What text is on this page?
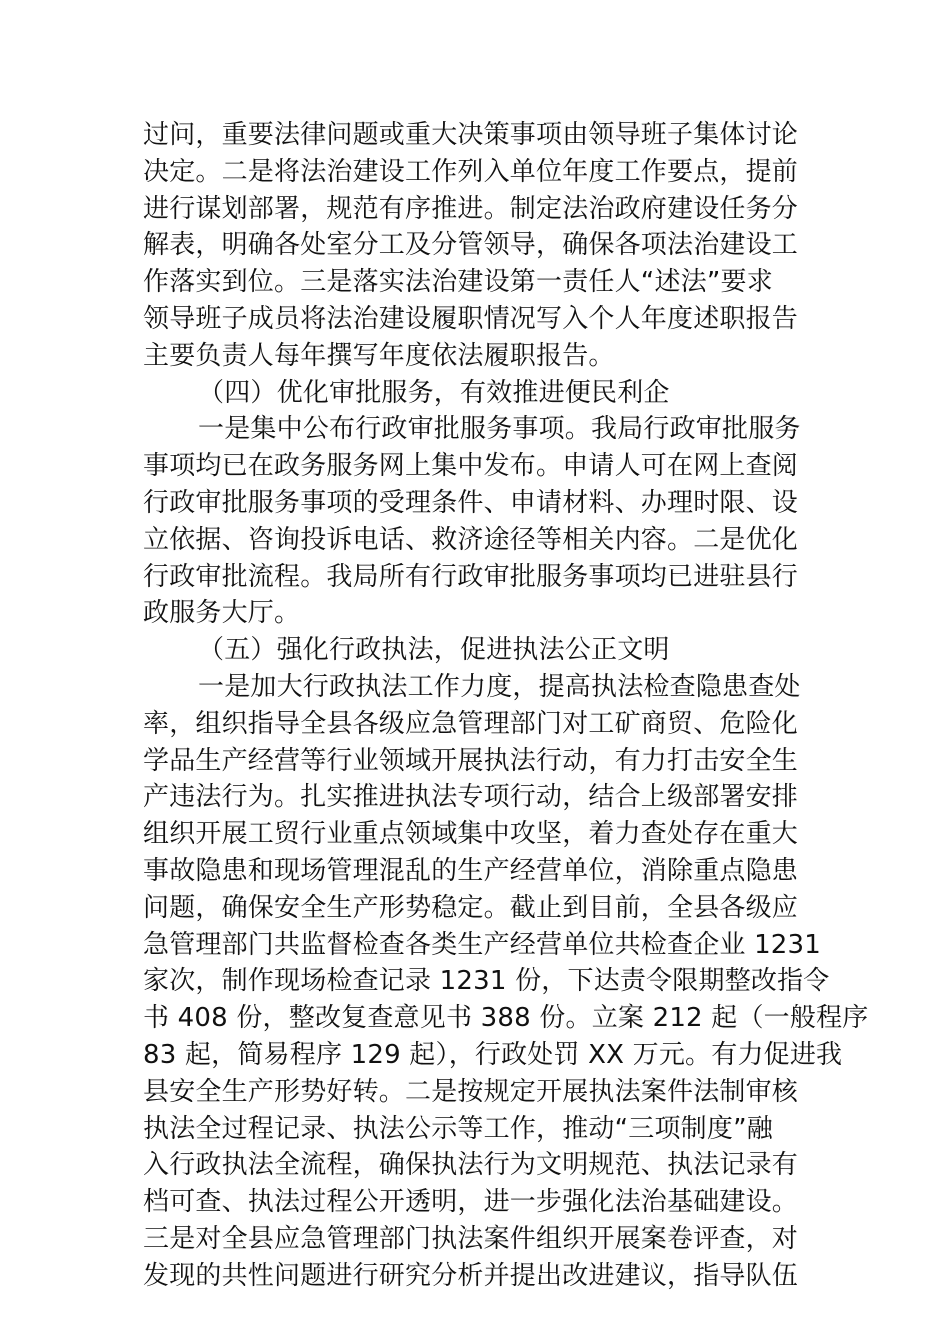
过问，重要法律问题或重大决策事项由领导班子集体讨论
决定。二是将法治建设工作列入单位年度工作要点，提前
进行谋划部署，规范有序推进。制定法治政府建设任务分
解表，明确各处室分工及分管领导，确保各项法治建设工
作落实到位。三是落实法治建设第一责任人“述法”要求
领导班子成员将法治建设履职情况写入个人年度述职报告
主要负责人每年撰写年度依法履职报告。
（四）优化审批服务，有效推进便民利企
一是集中公布行政审批服务事项。我局行政审批服务
事项均已在政务服务网上集中发布。申请人可在网上查阅
行政审批服务事项的受理条件、申请材料、办理时限、设
立依据、咨询投诉电话、救济途径等相关内容。二是优化
行政审批流程。我局所有行政审批服务事项均已进驻县行
政服务大厅。
（五）强化行政执法，促进执法公正文明
一是加大行政执法工作力度，提高执法检查隐患查处
率，组织指导全县各级应急管理部门对工矿商贸、危险化
学品生产经营等行业领域开展执法行动，有力打击安全生
产违法行为。扎实推进执法专项行动，结合上级部署安排
组织开展工贸行业重点领域集中攻坚，着力查处存在重大
事故隐患和现场管理混乱的生产经营单位，消除重点隐患
问题，确保安全生产形势稳定。截止到目前，全县各级应
急管理部门共监督检查各类生产经营单位共检查企业 1231
家次，制作现场检查记录 1231 份，下达责令限期整改指令
书 408 份，整改复查意见书 388 份。立案 212 起（一般程序
83 起，简易程序 129 起），行政处罚 XX 万元。有力促进我
县安全生产形势好转。二是按规定开展执法案件法制审核
执法全过程记录、执法公示等工作，推动“三项制度”融
入行政执法全流程，确保执法行为文明规范、执法记录有
档可查、执法过程公开透明，进一步强化法治基础建设。
三是对全县应急管理部门执法案件组织开展案卷评查，对
发现的共性问题进行研究分析并提出改进建议，指导队伍
